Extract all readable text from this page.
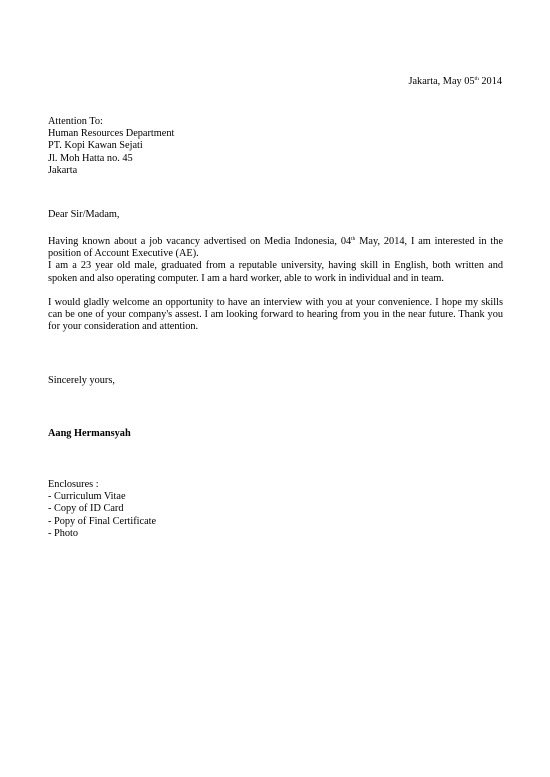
Jakarta, May 05th 2014
Attention To:
Human Resources Department
PT. Kopi Kawan Sejati
Jl. Moh Hatta no. 45
Jakarta
Dear Sir/Madam,

Having known about a job vacancy advertised on Media Indonesia, 04th May, 2014, I am interested in the position of Account Executive (AE).

I am a 23 year old male, graduated from a reputable university, having skill in English, both written and spoken and also operating computer. I am a hard worker, able to work in individual and in team.

I would gladly welcome an opportunity to have an interview with you at your convenience. I hope my skills can be one of your company's assest. I am looking forward to hearing from you in the near future. Thank you for your consideration and attention.

Sincerely yours,
Aang Hermansyah
Enclosures :
- Curriculum Vitae
- Copy of ID Card
- Popy of Final Certificate
- Photo
